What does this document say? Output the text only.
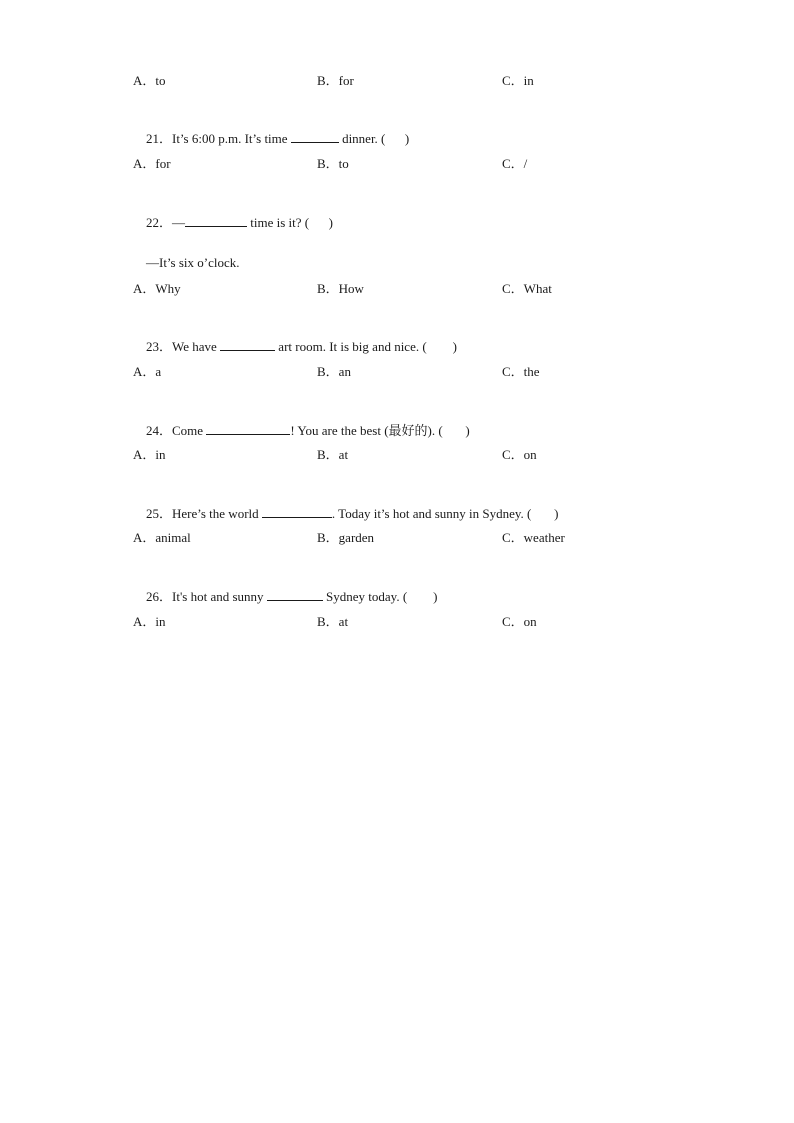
A．to	B．for	C．in

21．It’s 6:00 p.m. It’s time	dinner. (      )

A．for	B．to	C．/

22．—	time is it? (      )

—It’s six o’clock.

A．Why	B．How	C．What

23．We have	art room. It is big and nice. (        )

A．a	B．an	C．the

24．Come	! You are the best (最好的). (       )

A．in	B．at	C．on

25．Here’s the world	. Today it’s hot and sunny in Sydney. (       )

A．animal	B．garden	C．weather

26．It's hot and sunny	Sydney today. (        )

A．in	B．at	C．on
